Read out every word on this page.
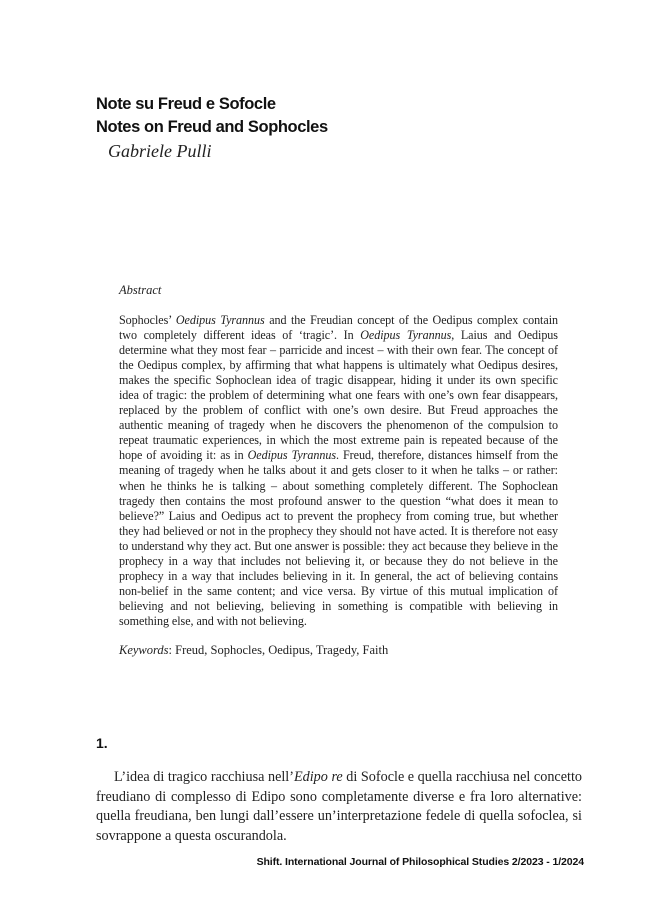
Note su Freud e Sofocle
Notes on Freud and Sophocles
Gabriele Pulli
Abstract
Sophocles’ Oedipus Tyrannus and the Freudian concept of the Oedipus complex contain two completely different ideas of ‘tragic’. In Oedipus Tyrannus, Laius and Oedipus determine what they most fear – parricide and incest – with their own fear. The concept of the Oedipus complex, by affirming that what happens is ultimately what Oedipus desires, makes the specific Sophoclean idea of tragic disappear, hiding it under its own specific idea of tragic: the problem of determining what one fears with one’s own fear disappears, replaced by the problem of conflict with one’s own desire. But Freud approaches the authentic meaning of tragedy when he discovers the phenomenon of the compulsion to repeat traumatic experiences, in which the most extreme pain is repeated because of the hope of avoiding it: as in Oedipus Tyrannus. Freud, therefore, distances himself from the meaning of tragedy when he talks about it and gets closer to it when he talks – or rather: when he thinks he is talking – about something completely different. The Sophoclean tragedy then contains the most profound answer to the question “what does it mean to believe?” Laius and Oedipus act to prevent the prophecy from coming true, but whether they had believed or not in the prophecy they should not have acted. It is therefore not easy to understand why they act. But one answer is possible: they act because they believe in the prophecy in a way that includes not believing it, or because they do not believe in the prophecy in a way that includes believing in it. In general, the act of believing contains non-belief in the same content; and vice versa. By virtue of this mutual implication of believing and not believing, believing in something is compatible with believing in something else, and with not believing.
Keywords: Freud, Sophocles, Oedipus, Tragedy, Faith
1.
L’idea di tragico racchiusa nell’Edipo re di Sofocle e quella racchiusa nel concetto freudiano di complesso di Edipo sono completamente diverse e fra loro alternative: quella freudiana, ben lungi dall’essere un’interpretazione fedele di quella sofoclea, si sovrappone a questa oscurandola.
Shift. International Journal of Philosophical Studies 2/2023 - 1/2024
